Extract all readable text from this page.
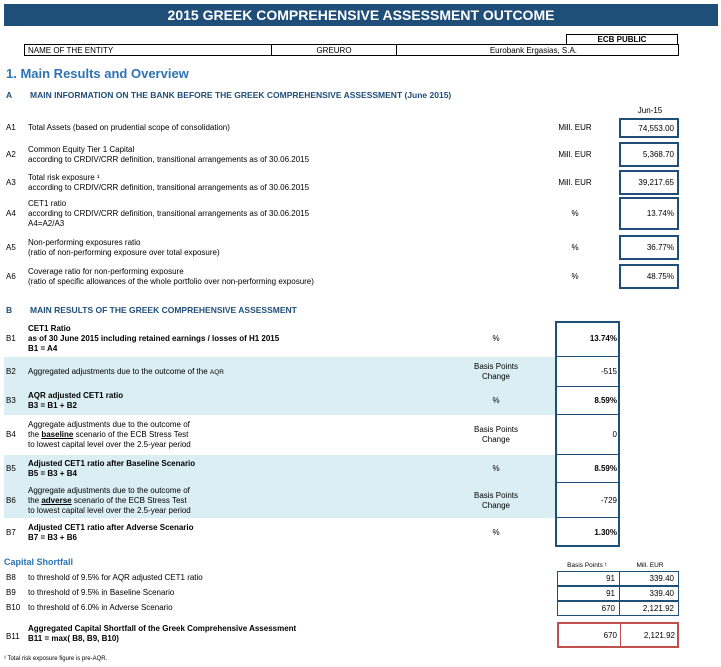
2015 GREEK COMPREHENSIVE ASSESSMENT OUTCOME
ECB PUBLIC
NAME OF THE ENTITY	GREURO	Eurobank Ergasias, S.A.
1. Main Results and Overview
A MAIN INFORMATION ON THE BANK BEFORE THE GREEK COMPREHENSIVE ASSESSMENT (June 2015)
Jun-15
A1 Total Assets (based on prudential scope of consolidation)	Mill. EUR	74,553.00
A2
Common Equity Tier 1 Capital
according to CRDIV/CRR definition, transitional arrangements as of 30.06.2015
Mill. EUR	5,368.70
A3
Total risk exposure ¹
according to CRDIV/CRR definition, transitional arrangements as of 30.06.2015
Mill. EUR	39,217.65
A4
CET1 ratio
according to CRDIV/CRR definition, transitional arrangements as of 30.06.2015
A4=A2/A3
%	13.74%
A5
Non-performing exposures ratio
(ratio of non-performing exposure over total exposure)
%	36.77%
A6
Coverage ratio for non-performing exposure
(ratio of specific allowances of the whole portfolio over non-performing exposure)
%	48.75%
B MAIN RESULTS OF THE GREEK COMPREHENSIVE ASSESSMENT
B1
CET1 Ratio
as of 30 June 2015 including retained earnings / losses of H1 2015
B1 = A4
%	13.74%
B2 Aggregated adjustments due to the outcome of the AQR
Basis Points Change
-515
B3
AQR adjusted CET1 ratio
B3 = B1 + B2
%	8.59%
B4
Aggregate adjustments due to the outcome of
the baseline scenario of the ECB Stress Test
to lowest capital level over the 2.5-year period
Basis Points Change
0
B5
Adjusted CET1 ratio after Baseline Scenario
B5 = B3 + B4
%	8.59%
B6
Aggregate adjustments due to the outcome of
the adverse scenario of the ECB Stress Test
to lowest capital level over the 2.5-year period
Basis Points Change
-729
B7
Adjusted CET1 ratio after Adverse Scenario
B7 = B3 + B6
%	1.30%
Capital Shortfall	Basis Points ¹	Mill. EUR
B8 to threshold of 9.5% for AQR adjusted CET1 ratio	91	339.40
B9 to threshold of 9.5% in Baseline Scenario	91	339.40
B10 to threshold of 6.0% in Adverse Scenario	670	2,121.92
B11
Aggregated Capital Shortfall of the Greek Comprehensive Assessment
B11 = max( B8, B9, B10)	670	2,121.92
¹ Total risk exposure figure is pre-AQR.
